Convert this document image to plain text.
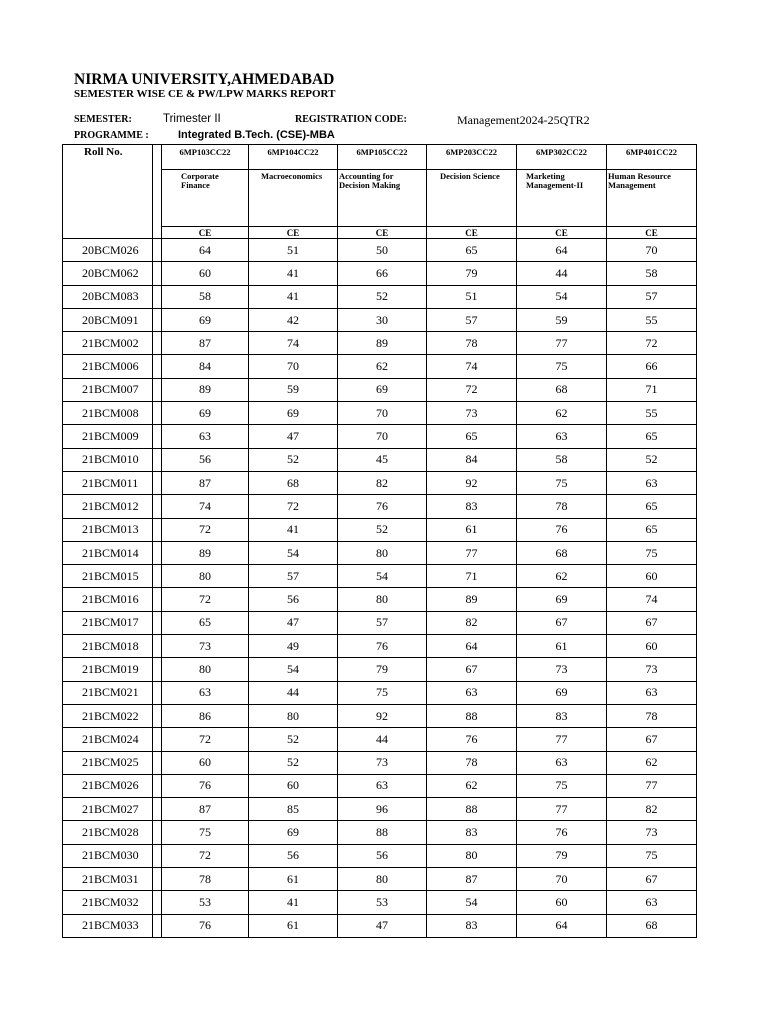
NIRMA UNIVERSITY,AHMEDABAD
SEMESTER WISE CE & PW/LPW MARKS REPORT
SEMESTER:	Trimester II	REGISTRATION CODE:	Management2024-25QTR2
PROGRAMME :	Integrated B.Tech. (CSE)-MBA
Roll No.		6MP103CC22	6MP104CC22	6MP105CC22	6MP203CC22	6MP302CC22	6MP401CC22
		Corporate Finance	Macroeconomics	Accounting for Decision Making	Decision Science	Marketing Management-II	Human Resource Management
		CE	CE	CE	CE	CE	CE
20BCM026		64	51	50	65	64	70
20BCM062		60	41	66	79	44	58
20BCM083		58	41	52	51	54	57
20BCM091		69	42	30	57	59	55
21BCM002		87	74	89	78	77	72
21BCM006		84	70	62	74	75	66
21BCM007		89	59	69	72	68	71
21BCM008		69	69	70	73	62	55
21BCM009		63	47	70	65	63	65
21BCM010		56	52	45	84	58	52
21BCM011		87	68	82	92	75	63
21BCM012		74	72	76	83	78	65
21BCM013		72	41	52	61	76	65
21BCM014		89	54	80	77	68	75
21BCM015		80	57	54	71	62	60
21BCM016		72	56	80	89	69	74
21BCM017		65	47	57	82	67	67
21BCM018		73	49	76	64	61	60
21BCM019		80	54	79	67	73	73
21BCM021		63	44	75	63	69	63
21BCM022		86	80	92	88	83	78
21BCM024		72	52	44	76	77	67
21BCM025		60	52	73	78	63	62
21BCM026		76	60	63	62	75	77
21BCM027		87	85	96	88	77	82
21BCM028		75	69	88	83	76	73
21BCM030		72	56	56	80	79	75
21BCM031		78	61	80	87	70	67
21BCM032		53	41	53	54	60	63
21BCM033		76	61	47	83	64	68
